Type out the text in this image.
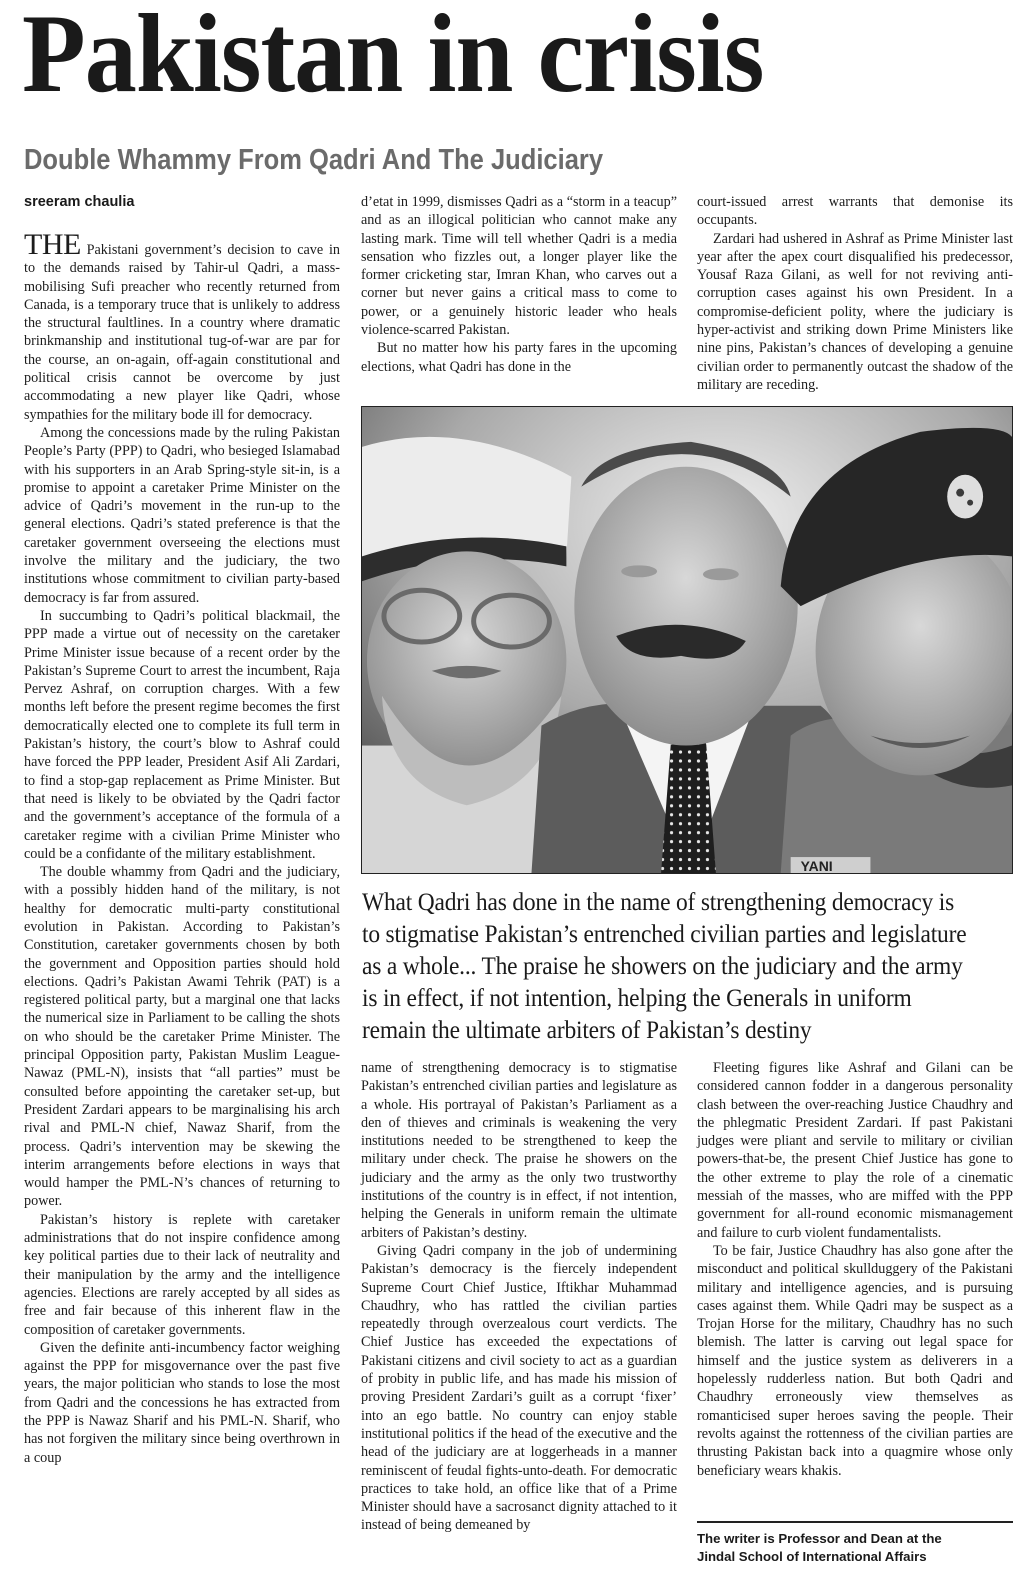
Pakistan in crisis
Double Whammy From Qadri And The Judiciary
sreeram chaulia

THE Pakistani government’s decision to cave in to the demands raised by Tahir-ul Qadri, a mass-mobilising Sufi preacher who recently returned from Canada, is a temporary truce that is unlikely to address the structural faultlines. In a country where dramatic brinkmanship and institutional tug-of-war are par for the course, an on-again, off-again constitutional and political crisis cannot be overcome by just accommodating a new player like Qadri, whose sympathies for the military bode ill for democracy.

Among the concessions made by the ruling Pakistan People’s Party (PPP) to Qadri, who besieged Islamabad with his supporters in an Arab Spring-style sit-in, is a promise to appoint a caretaker Prime Minister on the advice of Qadri’s movement in the run-up to the general elections. Qadri’s stated preference is that the caretaker government overseeing the elections must involve the military and the judiciary, the two institutions whose commitment to civilian party-based democracy is far from assured.

In succumbing to Qadri’s political blackmail, the PPP made a virtue out of necessity on the caretaker Prime Minister issue because of a recent order by the Pakistan’s Supreme Court to arrest the incumbent, Raja Pervez Ashraf, on corruption charges. With a few months left before the present regime becomes the first democratically elected one to complete its full term in Pakistan’s history, the court’s blow to Ashraf could have forced the PPP leader, President Asif Ali Zardari, to find a stop-gap replacement as Prime Minister. But that need is likely to be obviated by the Qadri factor and the government’s acceptance of the formula of a caretaker regime with a civilian Prime Minister who could be a confidante of the military establishment.

The double whammy from Qadri and the judiciary, with a possibly hidden hand of the military, is not healthy for democratic multi-party constitutional evolution in Pakistan. According to Pakistan’s Constitution, caretaker governments chosen by both the government and Opposition parties should hold elections. Qadri’s Pakistan Awami Tehrik (PAT) is a registered political party, but a marginal one that lacks the numerical size in Parliament to be calling the shots on who should be the caretaker Prime Minister. The principal Opposition party, Pakistan Muslim League-Nawaz (PML-N), insists that “all parties” must be consulted before appointing the caretaker set-up, but President Zardari appears to be marginalising his arch rival and PML-N chief, Nawaz Sharif, from the process. Qadri’s intervention may be skewing the interim arrangements before elections in ways that would hamper the PML-N’s chances of returning to power.

Pakistan’s history is replete with caretaker administrations that do not inspire confidence among key political parties due to their lack of neutrality and their manipulation by the army and the intelligence agencies. Elections are rarely accepted by all sides as free and fair because of this inherent flaw in the composition of caretaker governments.

Given the definite anti-incumbency factor weighing against the PPP for misgovernance over the past five years, the major politician who stands to lose the most from Qadri and the concessions he has extracted from the PPP is Nawaz Sharif and his PML-N. Sharif, who has not forgiven the military since being overthrown in a coup

d’etat in 1999, dismisses Qadri as a “storm in a teacup” and as an illogical politician who cannot make any lasting mark. Time will tell whether Qadri is a media sensation who fizzles out, a longer player like the former cricketing star, Imran Khan, who carves out a corner but never gains a critical mass to come to power, or a genuinely historic leader who heals violence-scarred Pakistan.

But no matter how his party fares in the upcoming elections, what Qadri has done in the

court-issued arrest warrants that demonise its occupants.

Zardari had ushered in Ashraf as Prime Minister last year after the apex court disqualified his predecessor, Yousaf Raza Gilani, as well for not reviving anti-corruption cases against his own President. In a compromise-deficient polity, where the judiciary is hyper-activist and striking down Prime Ministers like nine pins, Pakistan’s chances of developing a genuine civilian order to permanently outcast the shadow of the military are receding.

YANI
What Qadri has done in the name of strengthening democracy is to stigmatise Pakistan’s entrenched civilian parties and legislature as a whole... The praise he showers on the judiciary and the army is in effect, if not intention, helping the Generals in uniform remain the ultimate arbiters of Pakistan’s destiny

name of strengthening democracy is to stigmatise Pakistan’s entrenched civilian parties and legislature as a whole. His portrayal of Pakistan’s Parliament as a den of thieves and criminals is weakening the very institutions needed to be strengthened to keep the military under check. The praise he showers on the judiciary and the army as the only two trustworthy institutions of the country is in effect, if not intention, helping the Generals in uniform remain the ultimate arbiters of Pakistan’s destiny.

Giving Qadri company in the job of undermining Pakistan’s democracy is the fiercely independent Supreme Court Chief Justice, Iftikhar Muhammad Chaudhry, who has rattled the civilian parties repeatedly through overzealous court verdicts. The Chief Justice has exceeded the expectations of Pakistani citizens and civil society to act as a guardian of probity in public life, and has made his mission of proving President Zardari’s guilt as a corrupt ‘fixer’ into an ego battle. No country can enjoy stable institutional politics if the head of the executive and the head of the judiciary are at loggerheads in a manner reminiscent of feudal fights-unto-death. For democratic practices to take hold, an office like that of a Prime Minister should have a sacrosanct dignity attached to it instead of being demeaned by

Fleeting figures like Ashraf and Gilani can be considered cannon fodder in a dangerous personality clash between the over-reaching Justice Chaudhry and the phlegmatic President Zardari. If past Pakistani judges were pliant and servile to military or civilian powers-that-be, the present Chief Justice has gone to the other extreme to play the role of a cinematic messiah of the masses, who are miffed with the PPP government for all-round economic mismanagement and failure to curb violent fundamentalists.

To be fair, Justice Chaudhry has also gone after the misconduct and political skullduggery of the Pakistani military and intelligence agencies, and is pursuing cases against them. While Qadri may be suspect as a Trojan Horse for the military, Chaudhry has no such blemish. The latter is carving out legal space for himself and the justice system as deliverers in a hopelessly rudderless nation. But both Qadri and Chaudhry erroneously view themselves as romanticised super heroes saving the people. Their revolts against the rottenness of the civilian parties are thrusting Pakistan back into a quagmire whose only beneficiary wears khakis.

The writer is Professor and Dean at the
Jindal School of International Affairs
